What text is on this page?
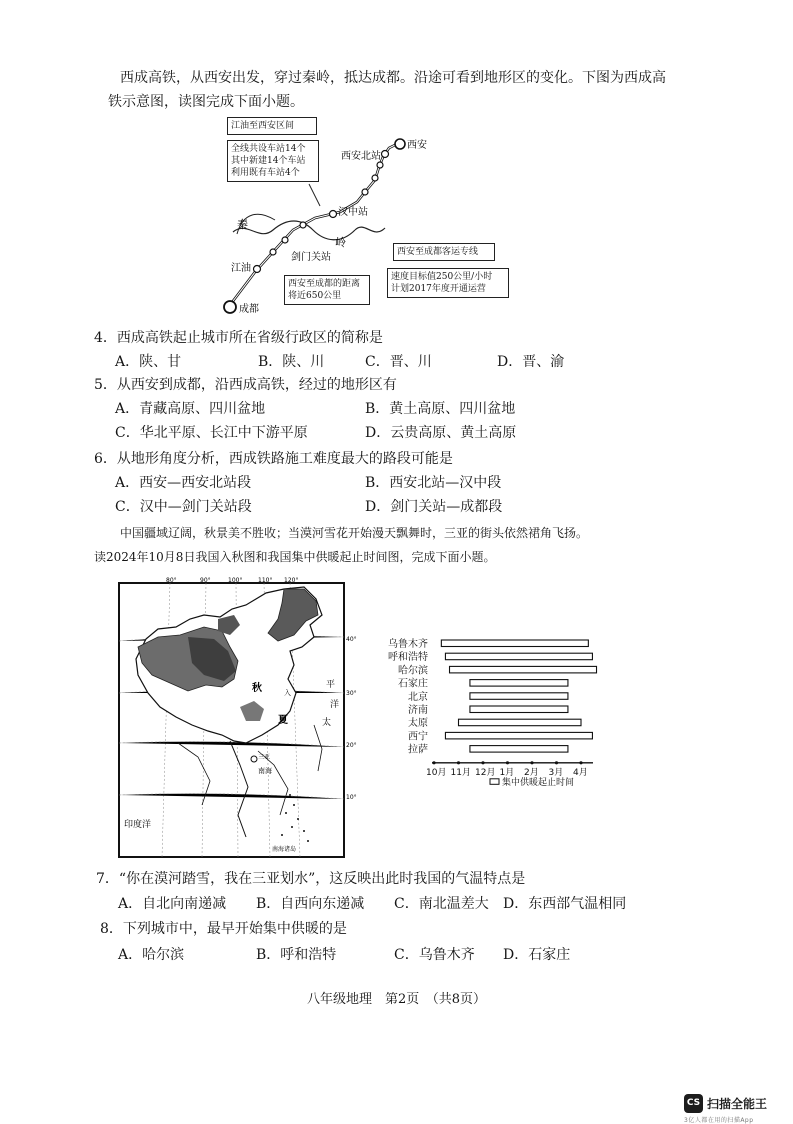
西成高铁，从西安出发，穿过秦岭，抵达成都。沿途可看到地形区的变化。下图为西成高
铁示意图，读图完成下面小题。
西安
西安北站
汉中站
剑门关站
江油
成都
秦
岭
江油至西安区间
全线共设车站14个
其中新建14个车站
利用既有车站4个
西安至成都的距离
将近650公里
西安至成都客运专线
速度目标值250公里/小时
计划2017年度开通运营
4．西成高铁起止城市所在省级行政区的简称是
A．陕、甘	B．陕、川	C．晋、川	D．晋、渝
5．从西安到成都，沿西成高铁，经过的地形区有
A．青藏高原、四川盆地	B．黄土高原、四川盆地
C．华北平原、长江中下游平原	D．云贵高原、黄土高原
6．从地形角度分析，西成铁路施工难度最大的路段可能是
A．西安—西安北站段	B．西安北站—汉中段
C．汉中—剑门关站段	D．剑门关站—成都段
中国疆域辽阔，秋景美不胜收；当漠河雪花开始漫天飘舞时，三亚的街头依然裙角飞扬。
读2024年10月8日我国入秋图和我国集中供暖起止时间图，完成下面小题。
80°	90°	100°	110° 120°
40°
30°
20°
10°
秋	入
夏	太
平
洋
南海
三亚
印度洋
南海诸岛
10月 11月 12月 1月 2月 3月 4月
乌鲁木齐
呼和浩特
哈尔滨
石家庄
北京
济南
太原
西宁
拉萨
集中供暖起止时间
7．“你在漠河踏雪，我在三亚划水”，这反映出此时我国的气温特点是
A．自北向南递减 B．自西向东递减 C．南北温差大 D．东西部气温相同
8．下列城市中，最早开始集中供暖的是
A．哈尔滨	B．呼和浩特	C．乌鲁木齐 D．石家庄
八年级地理　第2页　（共8页）
CS 扫描全能王
3亿人都在用的扫描App
